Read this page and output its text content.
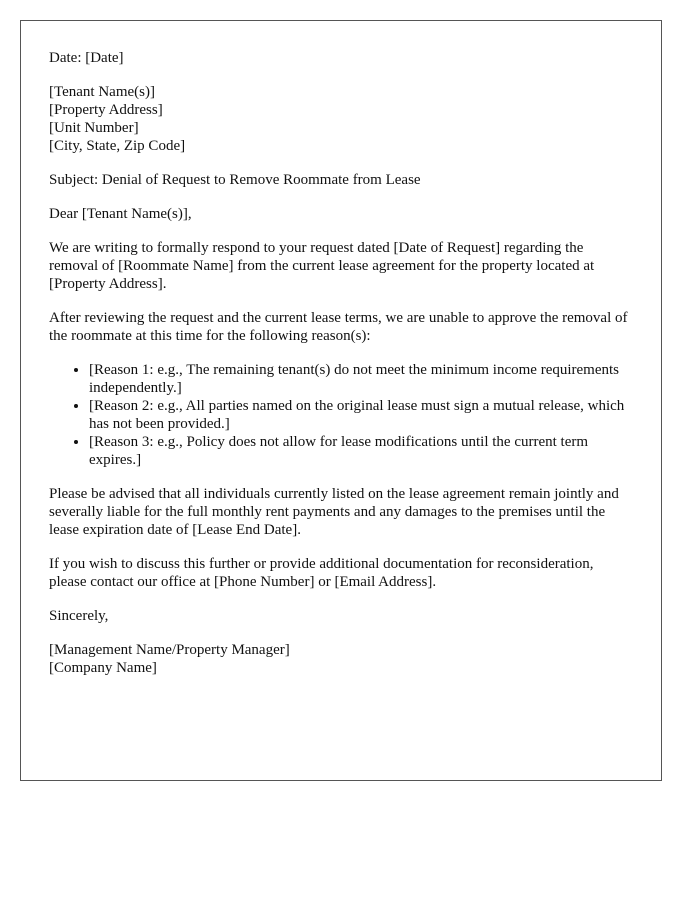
Date: [Date]

[Tenant Name(s)]
[Property Address]
[Unit Number]
[City, State, Zip Code]

Subject: Denial of Request to Remove Roommate from Lease

Dear [Tenant Name(s)],

We are writing to formally respond to your request dated [Date of Request] regarding the removal of [Roommate Name] from the current lease agreement for the property located at [Property Address].

After reviewing the request and the current lease terms, we are unable to approve the removal of the roommate at this time for the following reason(s):

• [Reason 1: e.g., The remaining tenant(s) do not meet the minimum income requirements independently.]
• [Reason 2: e.g., All parties named on the original lease must sign a mutual release, which has not been provided.]
• [Reason 3: e.g., Policy does not allow for lease modifications until the current term expires.]

Please be advised that all individuals currently listed on the lease agreement remain jointly and severally liable for the full monthly rent payments and any damages to the premises until the lease expiration date of [Lease End Date].

If you wish to discuss this further or provide additional documentation for reconsideration, please contact our office at [Phone Number] or [Email Address].

Sincerely,

[Management Name/Property Manager]
[Company Name]
